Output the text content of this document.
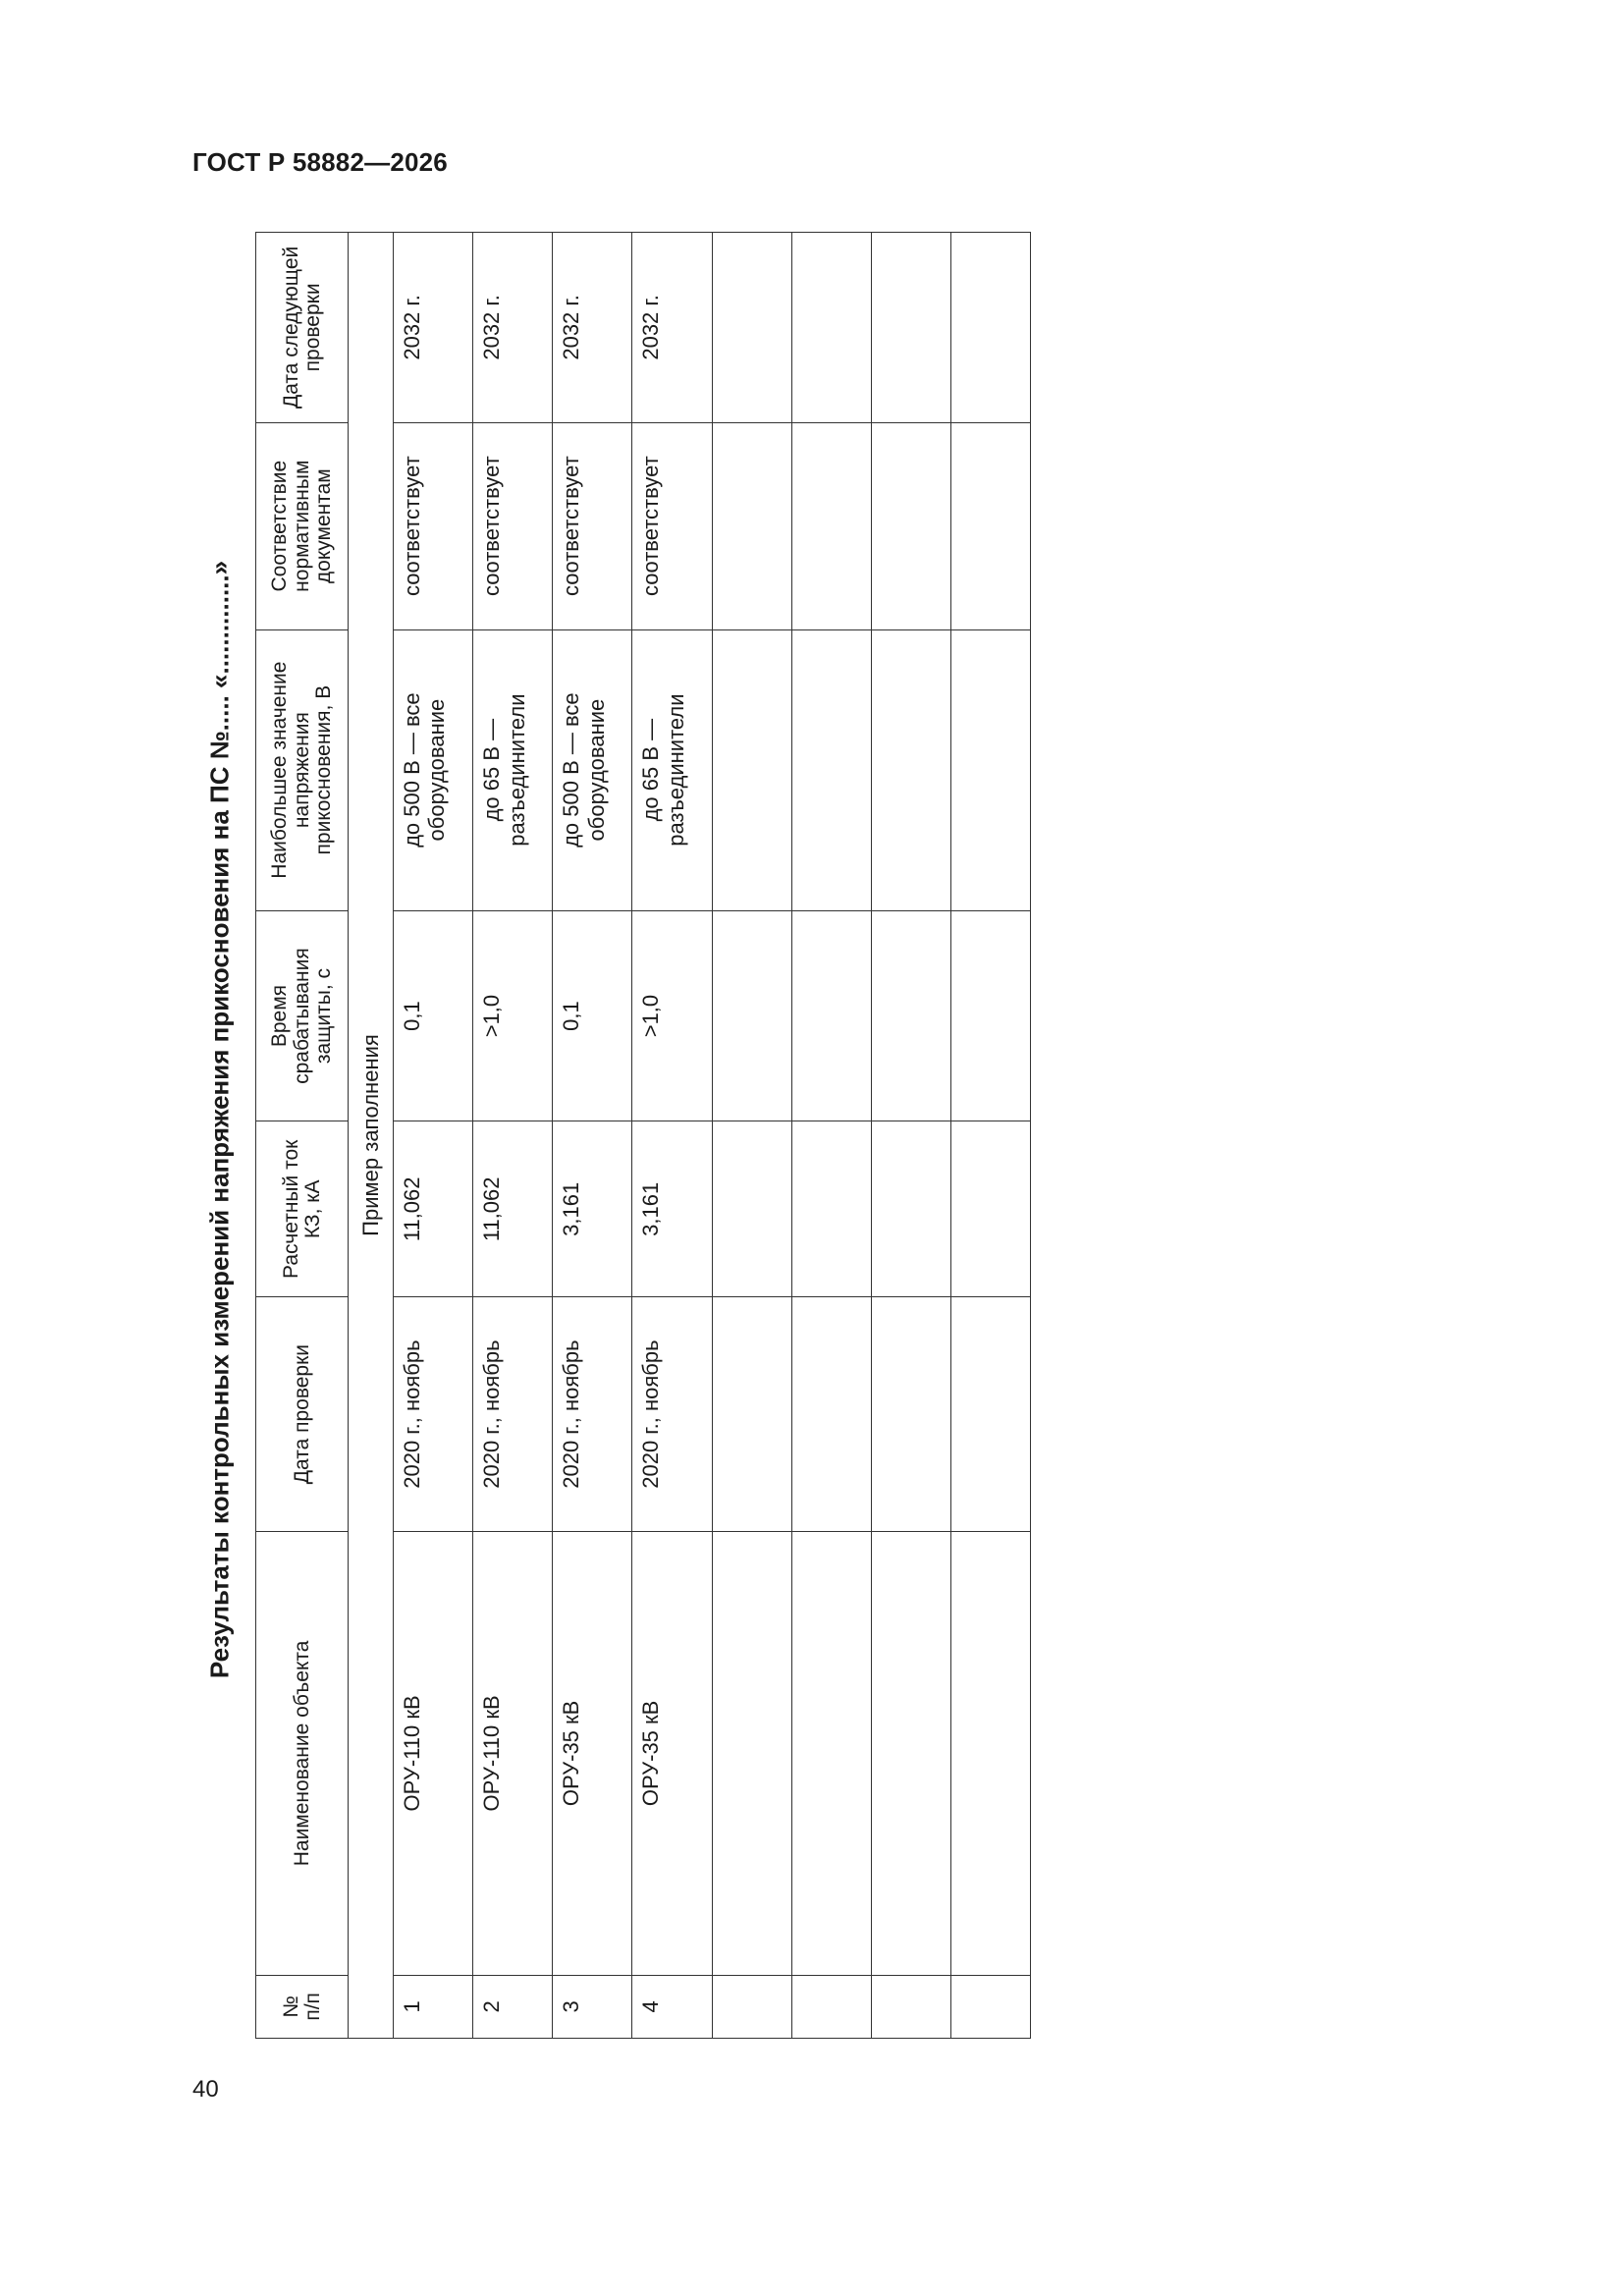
ГОСТ Р 58882—2026
Результаты контрольных измерений напряжения прикосновения на ПС №..... «..............»
№ п/п	Наименование объекта	Дата проверки	Расчетный ток КЗ, кА	Время срабатывания защиты, с	Наибольшее значение напряжения прикосновения, В	Соответствие нормативным документам	Дата следующей проверки
Пример заполнения							

1	ОРУ-110 кВ	2020 г., ноябрь	11,062	0,1	до 500 В — все оборудование	соответствует	2032 г.

2	ОРУ-110 кВ	2020 г., ноябрь	11,062	>1,0	до 65 В — разъединители	соответствует	2032 г.

3	ОРУ-35 кВ	2020 г., ноябрь	3,161	0,1	до 500 В — все оборудование	соответствует	2032 г.

4	ОРУ-35 кВ	2020 г., ноябрь	3,161	>1,0	до 65 В — разъединители	соответствует	2032 г.

40
